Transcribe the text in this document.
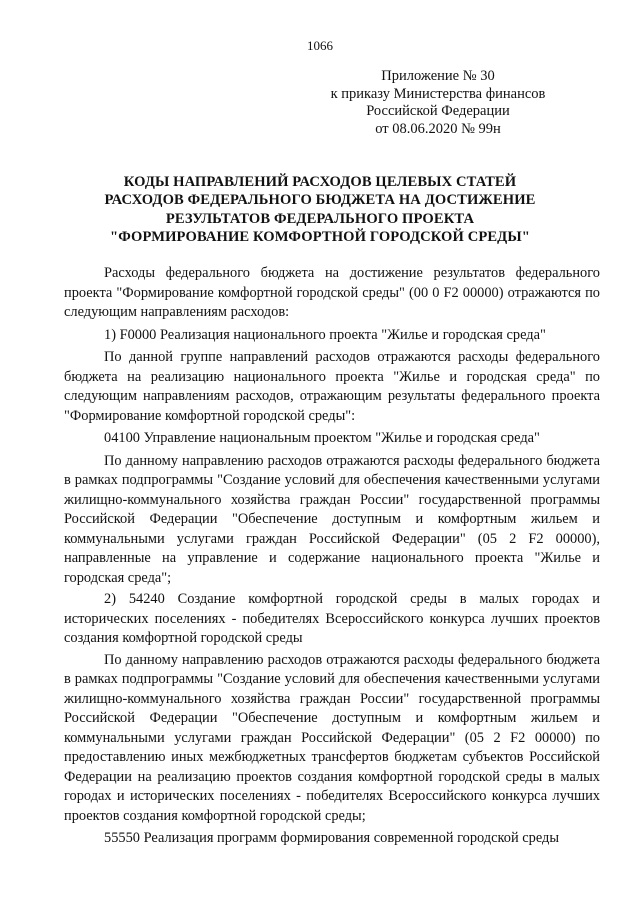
1066
Приложение № 30
к приказу Министерства финансов
Российской Федерации
от 08.06.2020 № 99н
КОДЫ НАПРАВЛЕНИЙ РАСХОДОВ ЦЕЛЕВЫХ СТАТЕЙ
РАСХОДОВ ФЕДЕРАЛЬНОГО БЮДЖЕТА НА ДОСТИЖЕНИЕ
РЕЗУЛЬТАТОВ ФЕДЕРАЛЬНОГО ПРОЕКТА
"ФОРМИРОВАНИЕ КОМФОРТНОЙ ГОРОДСКОЙ СРЕДЫ"

Расходы федерального бюджета на достижение результатов федерального проекта "Формирование комфортной городской среды" (00 0 F2 00000) отражаются по следующим направлениям расходов:

1) F0000 Реализация национального проекта "Жилье и городская среда"

По данной группе направлений расходов отражаются расходы федерального бюджета на реализацию национального проекта "Жилье и городская среда" по следующим направлениям расходов, отражающим результаты федерального проекта "Формирование комфортной городской среды":

04100 Управление национальным проектом "Жилье и городская среда"

По данному направлению расходов отражаются расходы федерального бюджета в рамках подпрограммы "Создание условий для обеспечения качественными услугами жилищно-коммунального хозяйства граждан России" государственной программы Российской Федерации "Обеспечение доступным и комфортным жильем и коммунальными услугами граждан Российской Федерации" (05 2 F2 00000), направленные на управление и содержание национального проекта "Жилье и городская среда";

2) 54240 Создание комфортной городской среды в малых городах и исторических поселениях - победителях Всероссийского конкурса лучших проектов создания комфортной городской среды

По данному направлению расходов отражаются расходы федерального бюджета в рамках подпрограммы "Создание условий для обеспечения качественными услугами жилищно-коммунального хозяйства граждан России" государственной программы Российской Федерации "Обеспечение доступным и комфортным жильем и коммунальными услугами граждан Российской Федерации" (05 2 F2 00000) по предоставлению иных межбюджетных трансфертов бюджетам субъектов Российской Федерации на реализацию проектов создания комфортной городской среды в малых городах и исторических поселениях - победителях Всероссийского конкурса лучших проектов создания комфортной городской среды;

55550 Реализация программ формирования современной городской среды
